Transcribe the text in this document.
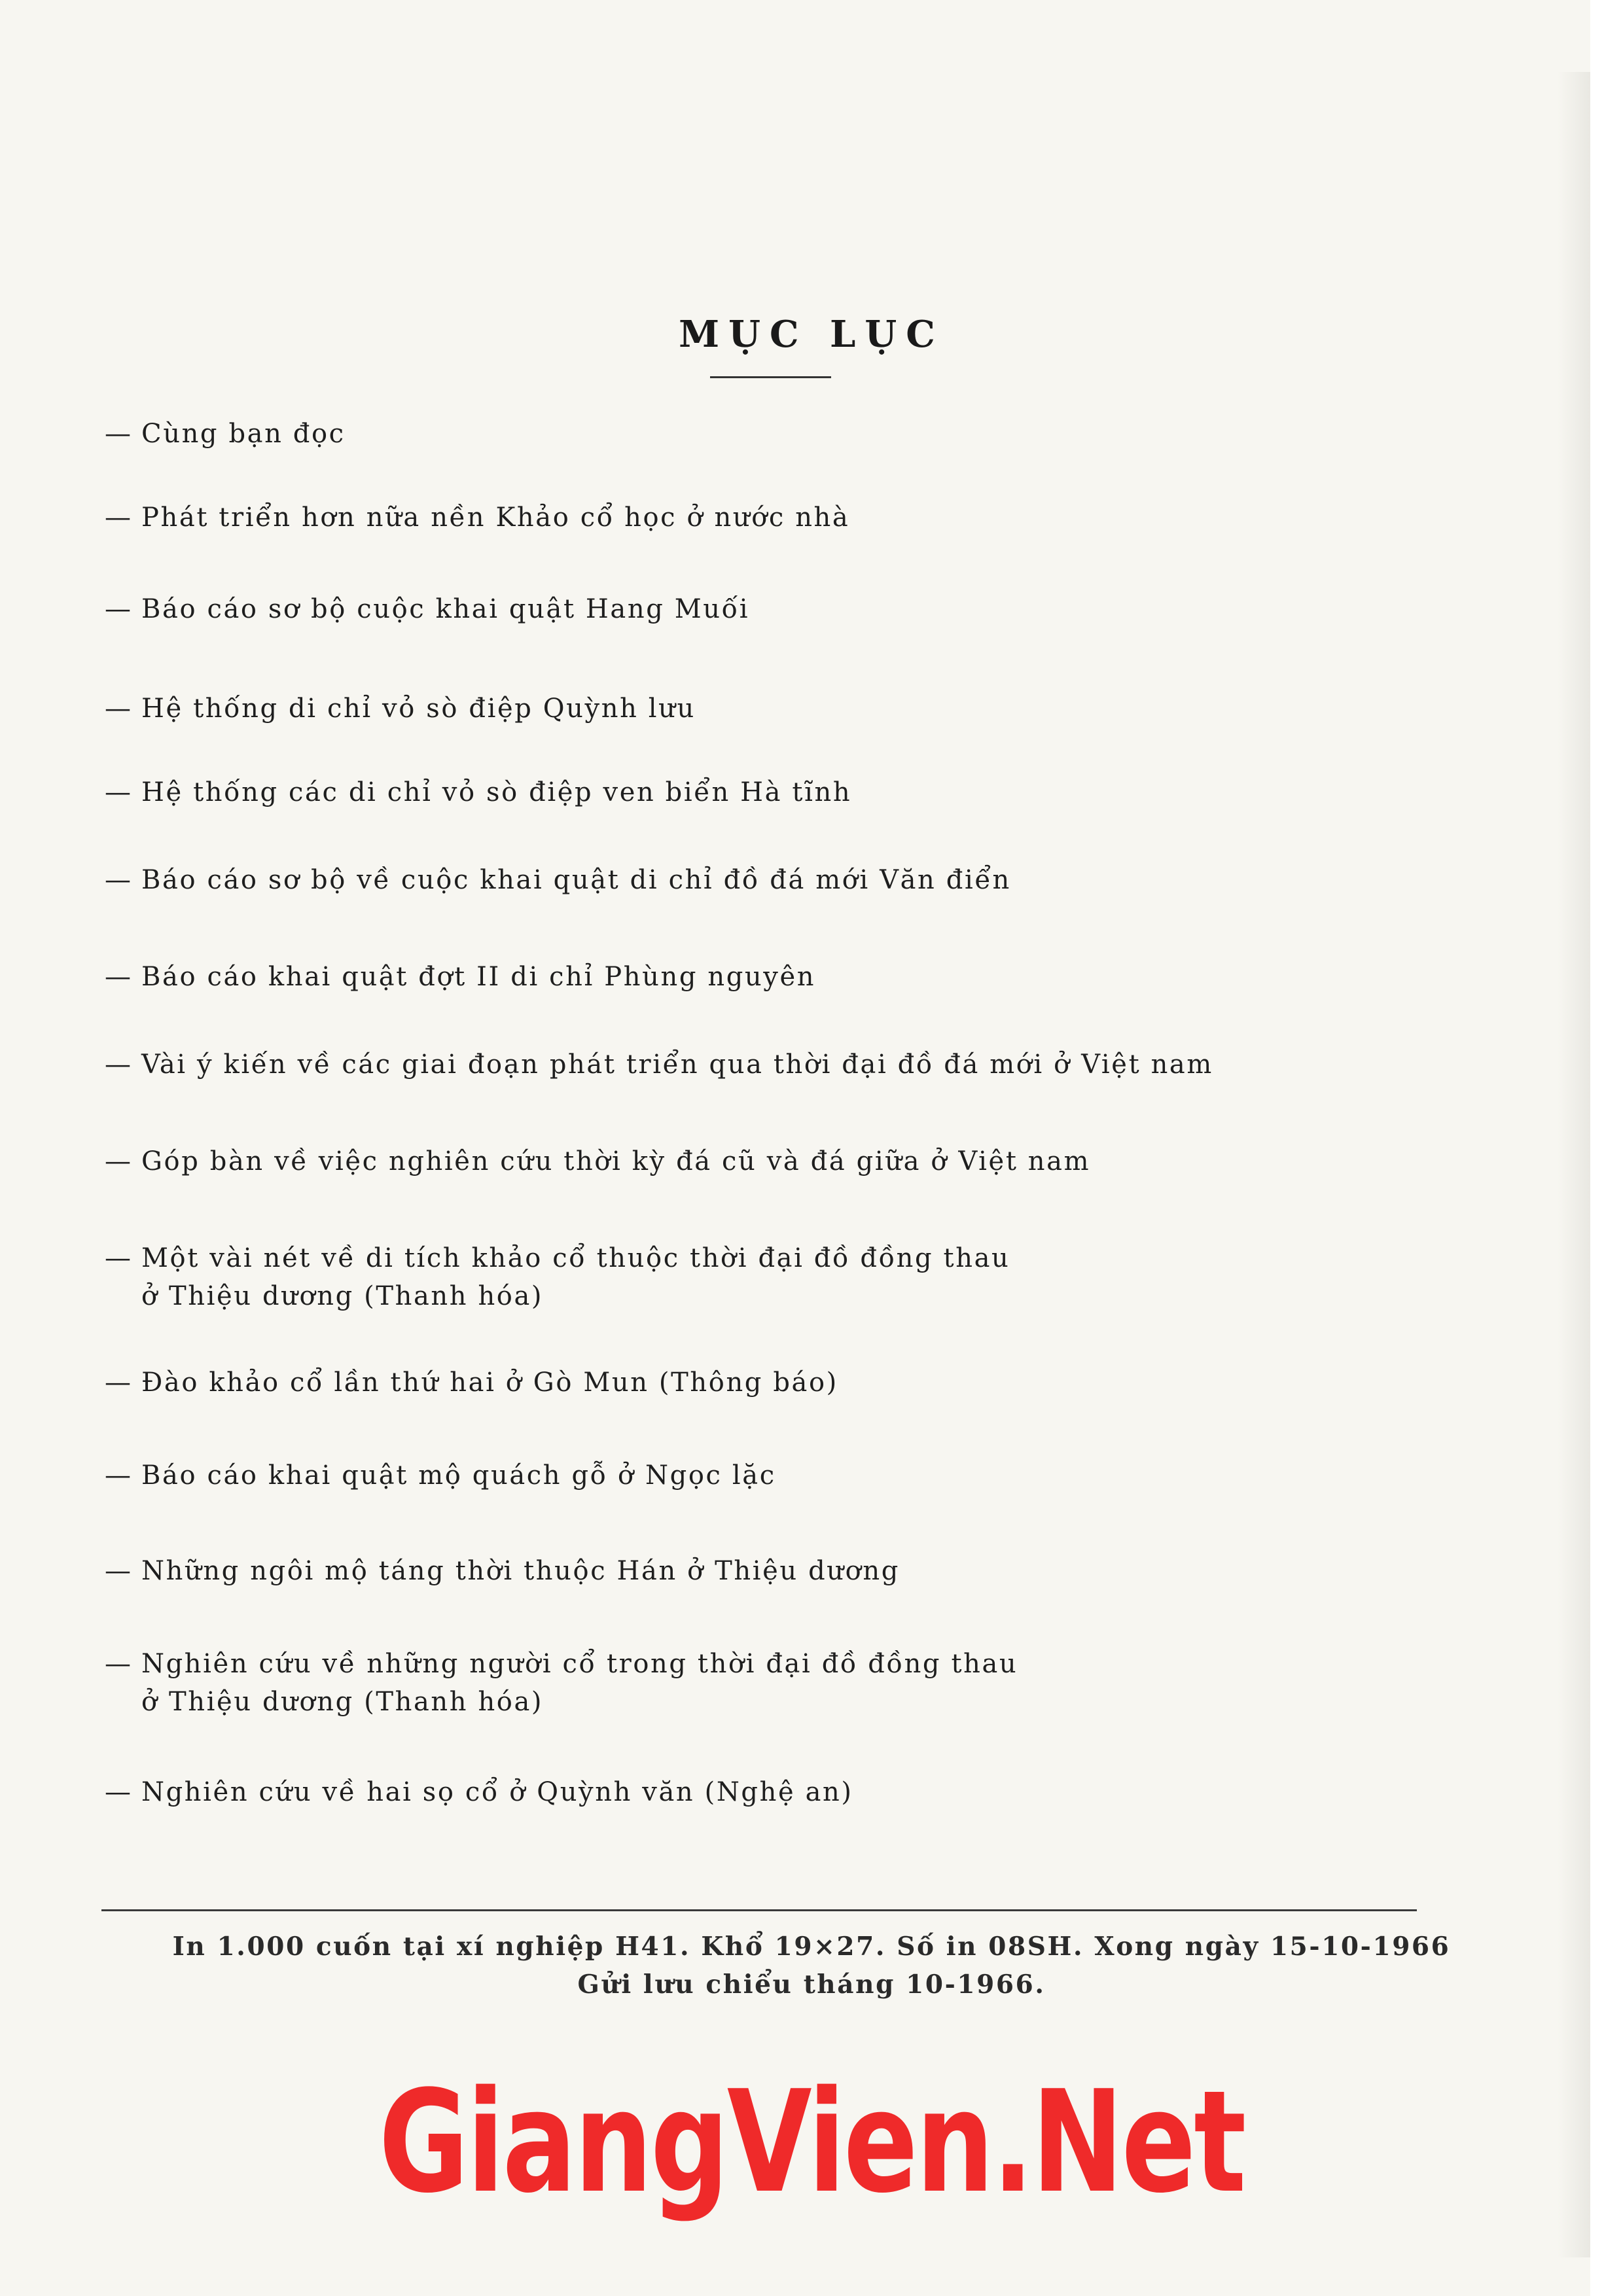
MỤC LỤC
— Cùng bạn đọc
— Phát triển hơn nữa nền Khảo cổ học ở nước nhà
— Báo cáo sơ bộ cuộc khai quật Hang Muối
— Hệ thống di chỉ vỏ sò điệp Quỳnh lưu
— Hệ thống các di chỉ vỏ sò điệp ven biển Hà tĩnh
— Báo cáo sơ bộ về cuộc khai quật di chỉ đồ đá mới Văn điển
— Báo cáo khai quật đợt II di chỉ Phùng nguyên
— Vài ý kiến về các giai đoạn phát triển qua thời đại đồ đá mới ở Việt nam
— Góp bàn về việc nghiên cứu thời kỳ đá cũ và đá giữa ở Việt nam
— Một vài nét về di tích khảo cổ thuộc thời đại đồ đồng thau
ở Thiệu dương (Thanh hóa)
— Đào khảo cổ lần thứ hai ở Gò Mun (Thông báo)
— Báo cáo khai quật mộ quách gỗ ở Ngọc lặc
— Những ngôi mộ táng thời thuộc Hán ở Thiệu dương
— Nghiên cứu về những người cổ trong thời đại đồ đồng thau
ở Thiệu dương (Thanh hóa)
— Nghiên cứu về hai sọ cổ ở Quỳnh văn (Nghệ an)
In 1.000 cuốn tại xí nghiệp H41. Khổ 19×27. Số in 08SH. Xong ngày 15-10-1966
Gửi lưu chiểu tháng 10-1966.
GiangVien.Net
